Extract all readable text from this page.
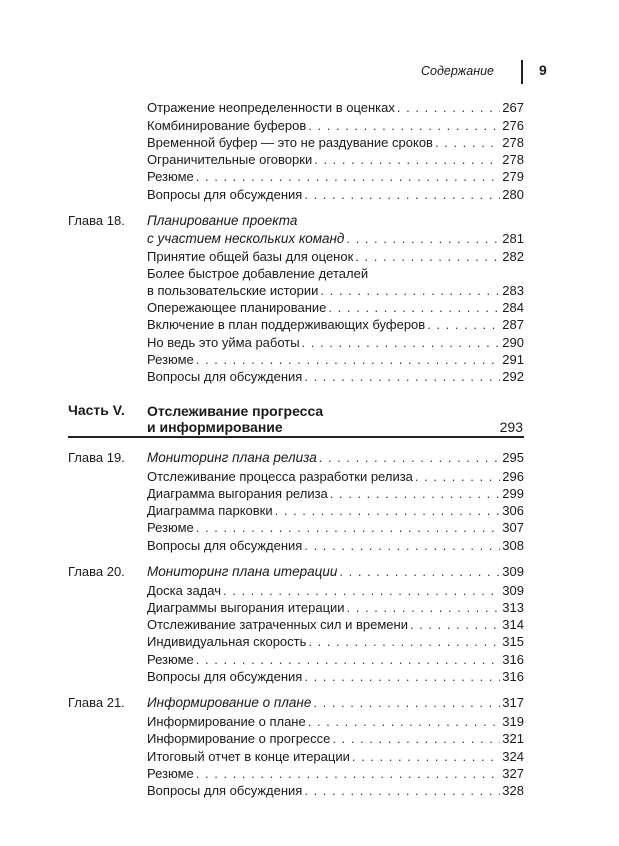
Содержание	9
Отражение неопределенности в оценках . . .	267
Комбинирование буферов . . .	276
Временной буфер — это не раздувание сроков . . .	278
Ограничительные оговорки . . .	278
Резюме . . .	279
Вопросы для обсуждения . . .	280
Глава 18. Планирование проекта
с участием нескольких команд . . .	281
Принятие общей базы для оценок . . .	282
Более быстрое добавление деталей
в пользовательские истории . . .	283
Опережающее планирование . . .	284
Включение в план поддерживающих буферов . . .	287
Но ведь это уйма работы . . .	290
Резюме . . .	291
Вопросы для обсуждения . . .	292
Часть V. Отслеживание прогресса
и информирование	293
Глава 19. Мониторинг плана релиза . . .	295
Отслеживание процесса разработки релиза . . .	296
Диаграмма выгорания релиза . . .	299
Диаграмма парковки . . .	306
Резюме . . .	307
Вопросы для обсуждения . . .	308
Глава 20. Мониторинг плана итерации . . .	309
Доска задач . . .	309
Диаграммы выгорания итерации . . .	313
Отслеживание затраченных сил и времени . . .	314
Индивидуальная скорость . . .	315
Резюме . . .	316
Вопросы для обсуждения . . .	316
Глава 21. Информирование о плане . . .	317
Информирование о плане . . .	319
Информирование о прогрессе . . .	321
Итоговый отчет в конце итерации . . .	324
Резюме . . .	327
Вопросы для обсуждения . . .	328
